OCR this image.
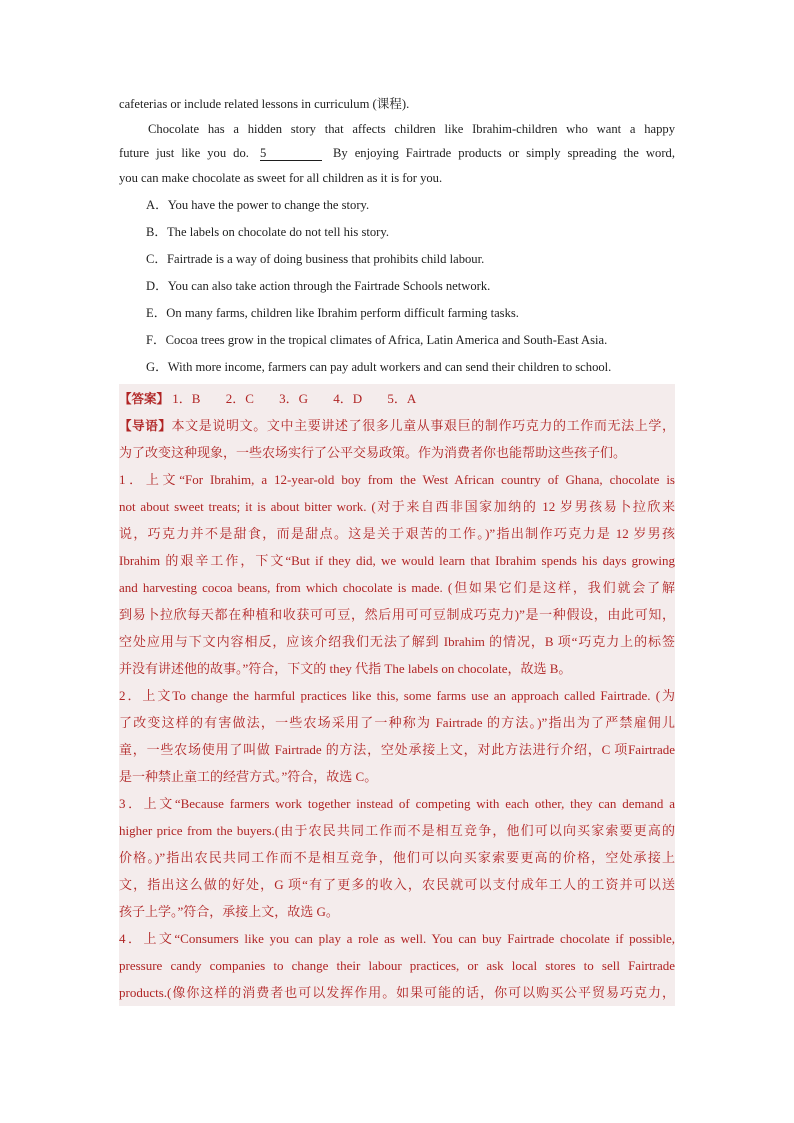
cafeterias or include related lessons in curriculum (课程).
Chocolate has a hidden story that affects children like Ibrahim-children who want a happy
future just like you do. 5	By enjoying Fairtrade products or simply spreading the word,
you can make chocolate as sweet for all children as it is for you.
A．You have the power to change the story.
B．The labels on chocolate do not tell his story.
C．Fairtrade is a way of doing business that prohibits child labour.
D．You can also take action through the Fairtrade Schools network.
E．On many farms, children like Ibrahim perform difficult farming tasks.
F．Cocoa trees grow in the tropical climates of Africa, Latin America and South-East Asia.
G．With more income, farmers can pay adult workers and can send their children to school.
【答案】 1．B 2．C 3．G 4．D 5．A
【导语】本文是说明文。文中主要讲述了很多儿童从事艰巨的制作巧克力的工作而无法上学，
为了改变这种现象，一些农场实行了公平交易政策。作为消费者你也能帮助这些孩子们。
1．上文“For Ibrahim, a 12-year-old boy from the West African country of Ghana, chocolate is
not about sweet treats; it is about bitter work. (对于来自西非国家加纳的 12 岁男孩易卜拉欣来
说，巧克力并不是甜食，而是甜点。这是关于艰苦的工作。)”指出制作巧克力是 12 岁男孩
Ibrahim 的艰辛工作，下文“But if they did, we would learn that Ibrahim spends his days growing
and harvesting cocoa beans, from which chocolate is made. (但如果它们是这样，我们就会了解
到易卜拉欣每天都在种植和收获可可豆，然后用可可豆制成巧克力)”是一种假设，由此可知，
空处应用与下文内容相反，应该介绍我们无法了解到 Ibrahim 的情况，B 项“巧克力上的标签
并没有讲述他的故事。”符合，下文的 they 代指 The labels on chocolate，故选 B。
2．上文To change the harmful practices like this, some farms use an approach called Fairtrade. (为
了改变这样的有害做法，一些农场采用了一种称为 Fairtrade 的方法。)”指出为了严禁雇佣儿
童，一些农场使用了叫做 Fairtrade 的方法，空处承接上文，对此方法进行介绍，C 项Fairtrade
是一种禁止童工的经营方式。”符合，故选 C。
3．上文“Because farmers work together instead of competing with each other, they can demand a
higher price from the buyers.(由于农民共同工作而不是相互竞争，他们可以向买家索要更高的
价格。)”指出农民共同工作而不是相互竞争，他们可以向买家索要更高的价格，空处承接上
文，指出这么做的好处，G 项“有了更多的收入，农民就可以支付成年工人的工资并可以送
孩子上学。”符合，承接上文，故选 G。
4．上文“Consumers like you can play a role as well. You can buy Fairtrade chocolate if possible,
pressure candy companies to change their labour practices, or ask local stores to sell Fairtrade
products.(像你这样的消费者也可以发挥作用。如果可能的话，你可以购买公平贸易巧克力，
